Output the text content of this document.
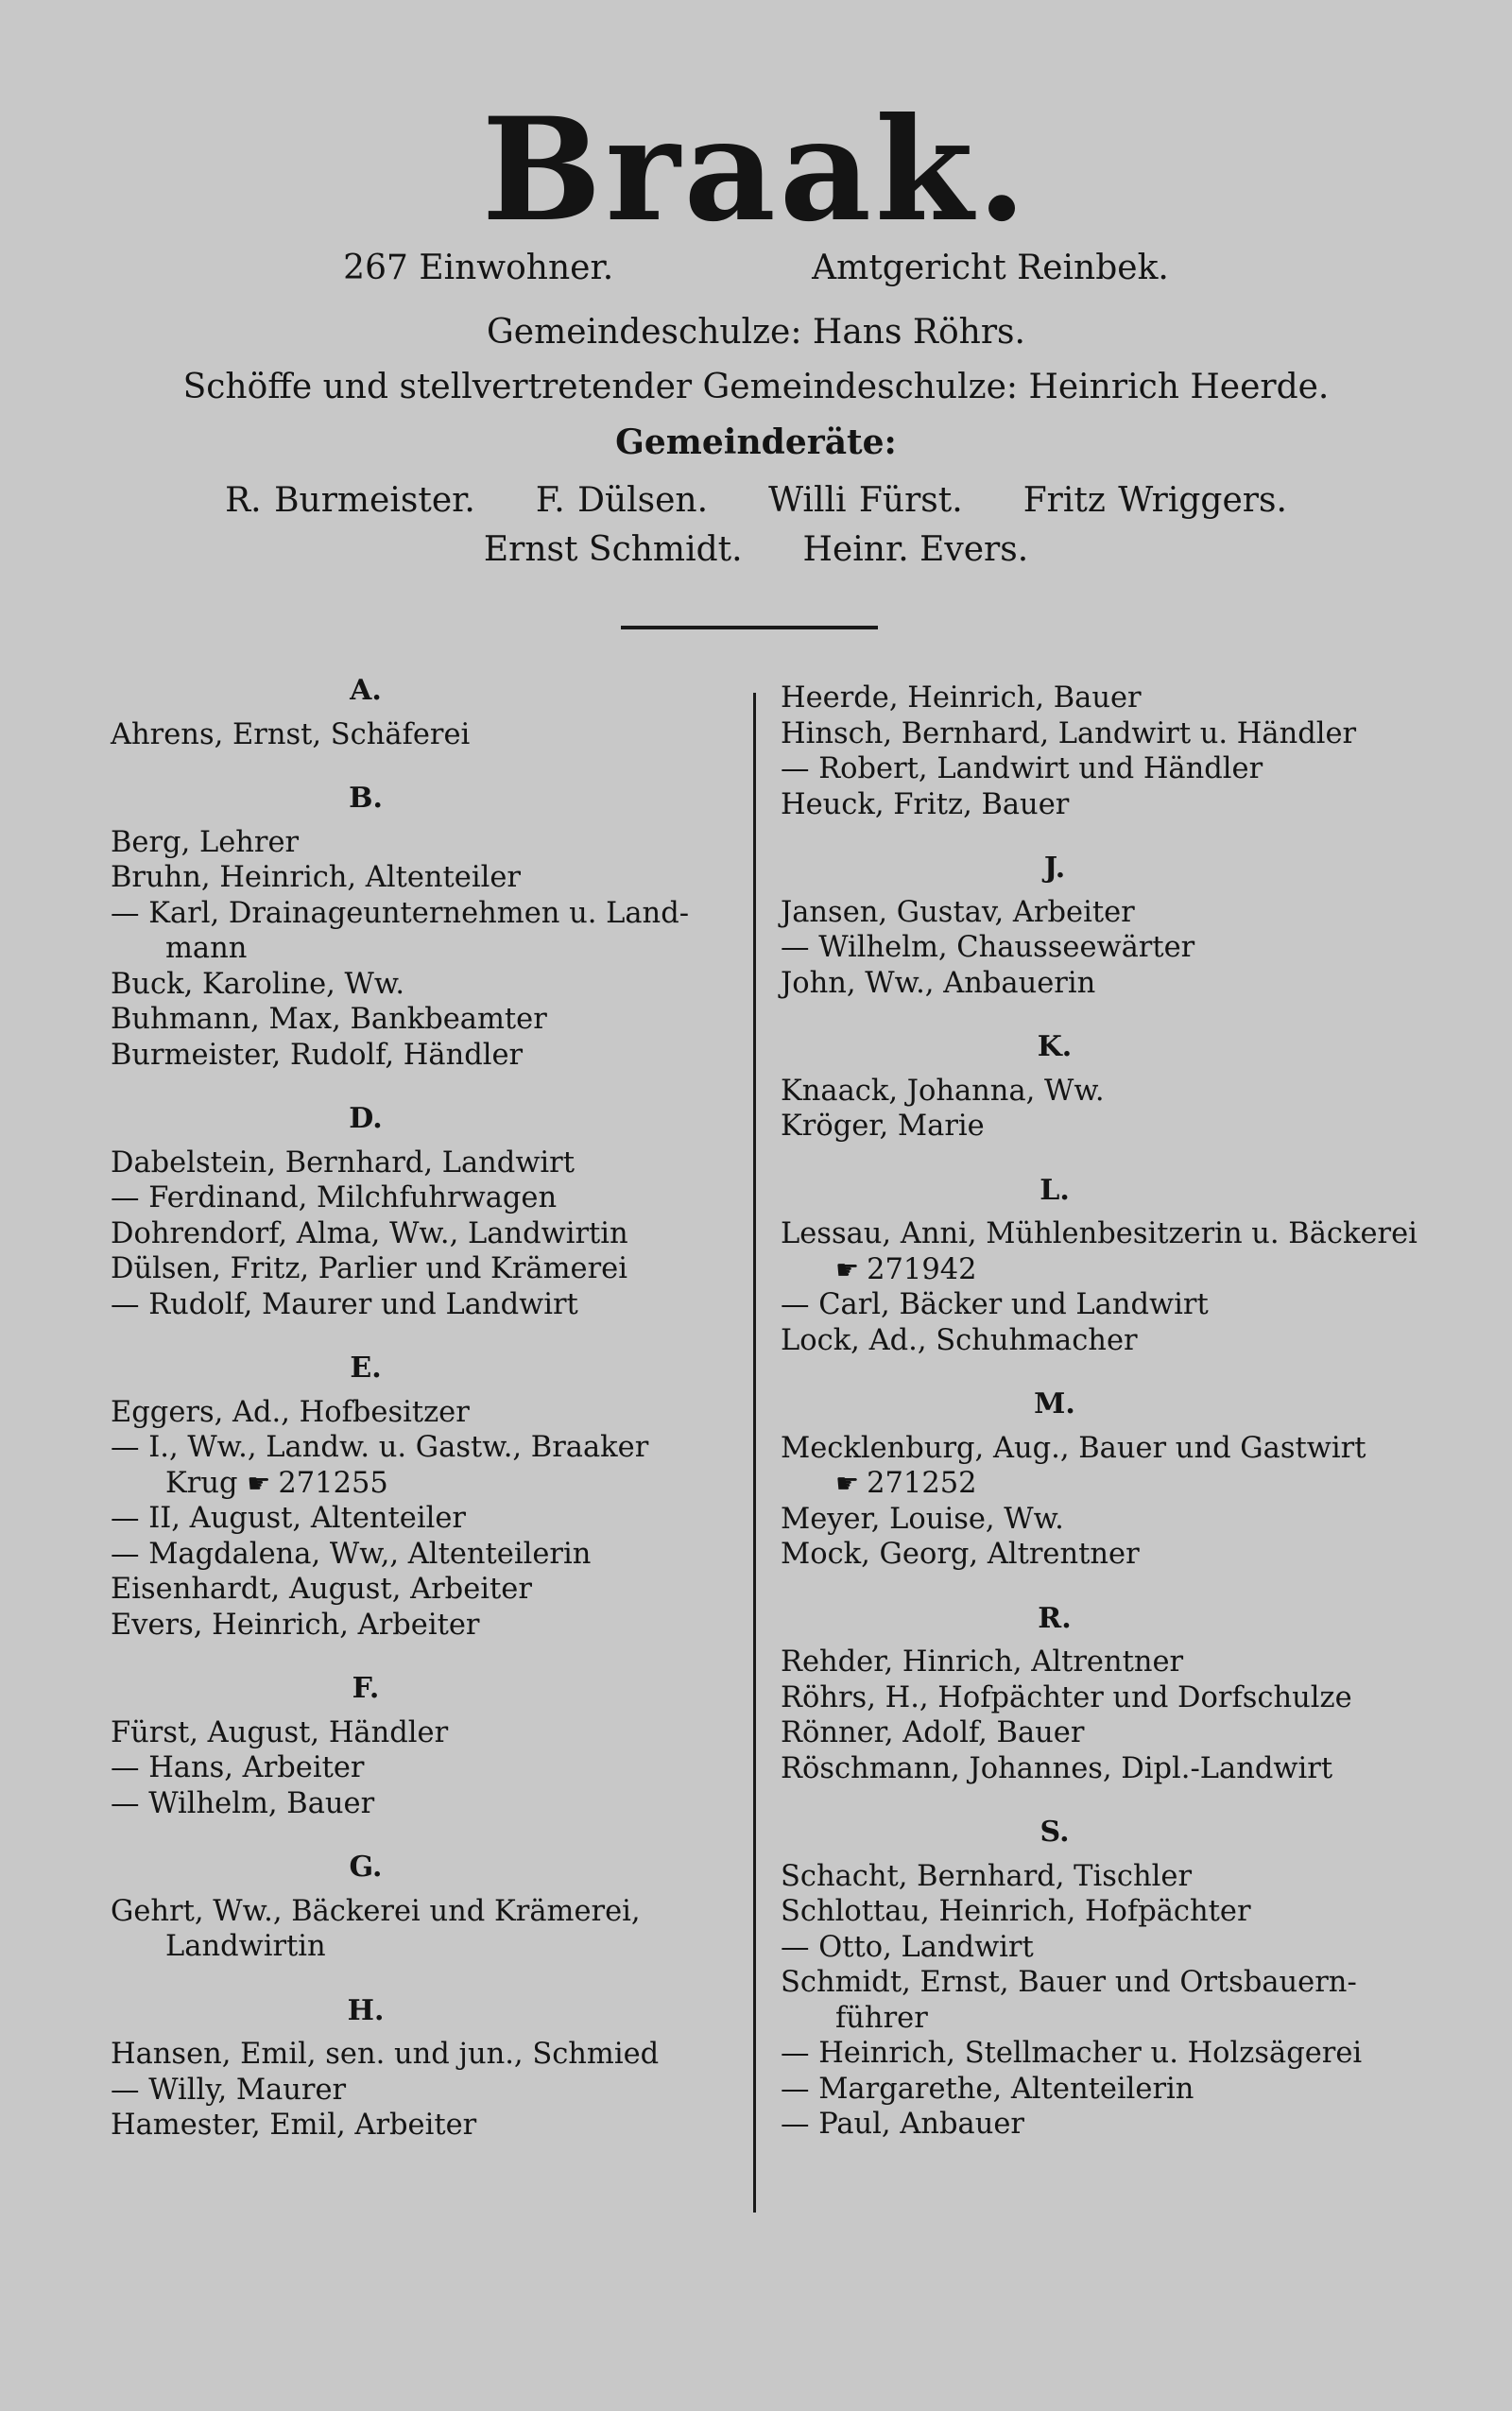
Braak.
267 Einwohner.	Amtgericht Reinbek.
Gemeindeschulze: Hans Röhrs.
Schöffe und stellvertretender Gemeindeschulze: Heinrich Heerde.
Gemeinderäte:
R. Burmeister. F. Dülsen. Willi Fürst. Fritz Wriggers.
Ernst Schmidt. Heinr. Evers.
A.
Ahrens, Ernst, Schäferei
B.
Berg, Lehrer
Bruhn, Heinrich, Altenteiler
— Karl, Drainageunternehmen u. Land-
mann
Buck, Karoline, Ww.
Buhmann, Max, Bankbeamter
Burmeister, Rudolf, Händler
D.
Dabelstein, Bernhard, Landwirt
— Ferdinand, Milchfuhrwagen
Dohrendorf, Alma, Ww., Landwirtin
Dülsen, Fritz, Parlier und Krämerei
— Rudolf, Maurer und Landwirt
E.
Eggers, Ad., Hofbesitzer
— I., Ww., Landw. u. Gastw., Braaker
Krug ☛ 271255
— II, August, Altenteiler
— Magdalena, Ww,, Altenteilerin
Eisenhardt, August, Arbeiter
Evers, Heinrich, Arbeiter
F.
Fürst, August, Händler
— Hans, Arbeiter
— Wilhelm, Bauer
G.
Gehrt, Ww., Bäckerei und Krämerei,
Landwirtin
H.
Hansen, Emil, sen. und jun., Schmied
— Willy, Maurer
Hamester, Emil, Arbeiter
Heerde, Heinrich, Bauer
Hinsch, Bernhard, Landwirt u. Händler
— Robert, Landwirt und Händler
Heuck, Fritz, Bauer
J.
Jansen, Gustav, Arbeiter
— Wilhelm, Chausseewärter
John, Ww., Anbauerin
K.
Knaack, Johanna, Ww.
Kröger, Marie
L.
Lessau, Anni, Mühlenbesitzerin u. Bäckerei
☛ 271942
— Carl, Bäcker und Landwirt
Lock, Ad., Schuhmacher
M.
Mecklenburg, Aug., Bauer und Gastwirt
☛ 271252
Meyer, Louise, Ww.
Mock, Georg, Altrentner
R.
Rehder, Hinrich, Altrentner
Röhrs, H., Hofpächter und Dorfschulze
Rönner, Adolf, Bauer
Röschmann, Johannes, Dipl.-Landwirt
S.
Schacht, Bernhard, Tischler
Schlottau, Heinrich, Hofpächter
— Otto, Landwirt
Schmidt, Ernst, Bauer und Ortsbauern-
führer
— Heinrich, Stellmacher u. Holzsägerei
— Margarethe, Altenteilerin
— Paul, Anbauer
